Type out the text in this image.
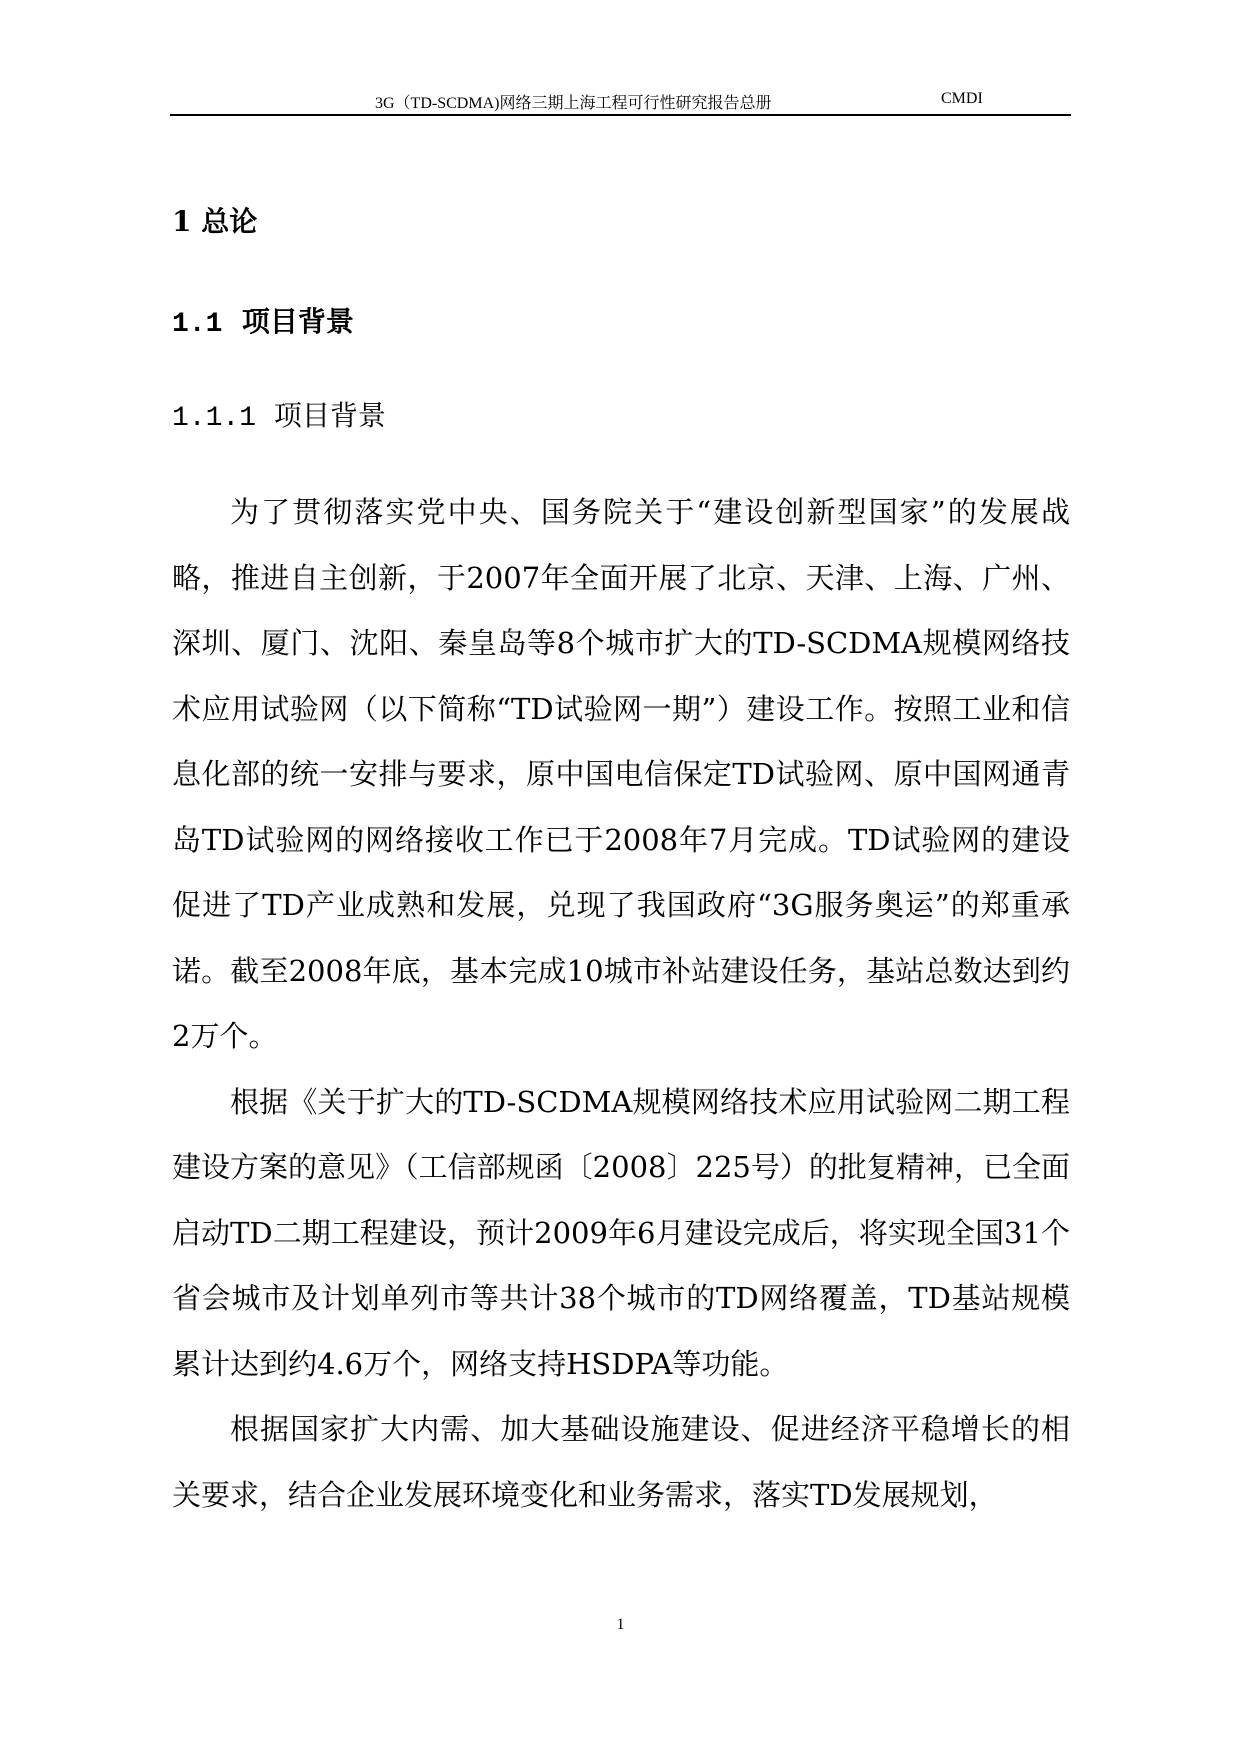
3G（TD-SCDMA)网络三期上海工程可行性研究报告总册	CMDI
1 总论
1.1 项目背景
1.1.1 项目背景

为了贯彻落实党中央、国务院关于“建设创新型国家”的发展战略，推进自主创新，于2007年全面开展了北京、天津、上海、广州、深圳、厦门、沈阳、秦皇岛等8个城市扩大的TD-SCDMA规模网络技术应用试验网（以下简称“TD试验网一期”）建设工作。按照工业和信息化部的统一安排与要求，原中国电信保定TD试验网、原中国网通青岛TD试验网的网络接收工作已于2008年7月完成。TD试验网的建设促进了TD产业成熟和发展，兑现了我国政府“3G服务奥运”的郑重承诺。截至2008年底，基本完成10城市补站建设任务，基站总数达到约2万个。

根据《关于扩大的TD-SCDMA规模网络技术应用试验网二期工程建设方案的意见》（工信部规函〔2008〕225号）的批复精神，已全面启动TD二期工程建设，预计2009年6月建设完成后，将实现全国31个省会城市及计划单列市等共计38个城市的TD网络覆盖，TD基站规模累计达到约4.6万个，网络支持HSDPA等功能。

根据国家扩大内需、加大基础设施建设、促进经济平稳增长的相关要求，结合企业发展环境变化和业务需求，落实TD发展规划，

1
